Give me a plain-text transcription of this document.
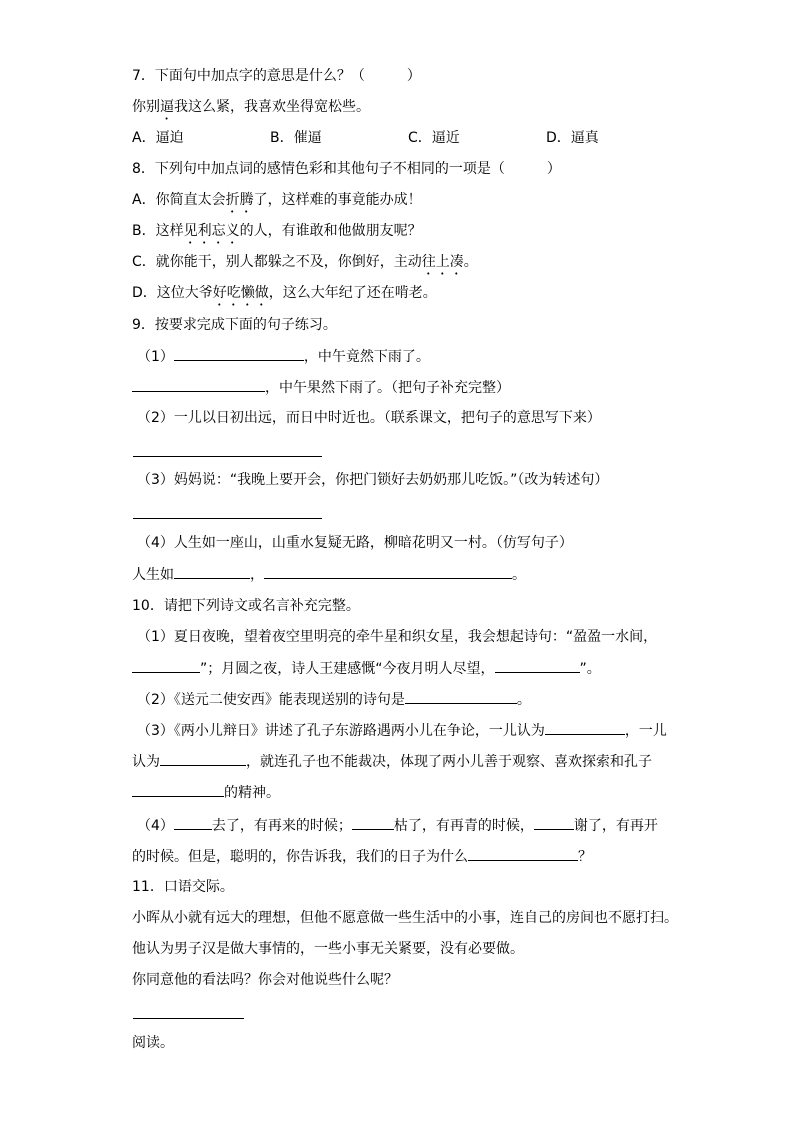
7．下面句中加点字的意思是什么？（　　　）
你别逼我这么紧，我喜欢坐得宽松些。
A．逼迫	B．催逼	C．逼近	D．逼真
8．下列句中加点词的感情色彩和其他句子不相同的一项是（　　　）
A．你简直太会折腾了，这样难的事竟能办成！
B．这样见利忘义的人，有谁敢和他做朋友呢？
C．就你能干，别人都躲之不及，你倒好，主动往上凑。
D．这位大爷好吃懒做，这么大年纪了还在啃老。
9．按要求完成下面的句子练习。
（1）	，中午竟然下雨了。
，中午果然下雨了。（把句子补充完整）
（2）一儿以日初出远，而日中时近也。（联系课文，把句子的意思写下来）
（3）妈妈说：“我晚上要开会，你把门锁好去奶奶那儿吃饭。”（改为转述句）
（4）人生如一座山，山重水复疑无路，柳暗花明又一村。（仿写句子）
人生如	，	。
10．请把下列诗文或名言补充完整。
（1）夏日夜晚，望着夜空里明亮的牵牛星和织女星，我会想起诗句：“盈盈一水间，
”；月圆之夜，诗人王建感慨“今夜月明人尽望，	”。
（2）《送元二使安西》能表现送别的诗句是	。
（3）《两小儿辩日》讲述了孔子东游路遇两小儿在争论，一儿认为	，一儿
认为	，就连孔子也不能裁决，体现了两小儿善于观察、喜欢探索和孔子
的精神。
（4）	去了，有再来的时候；	枯了，有再青的时候，	谢了，有再开
的时候。但是，聪明的，你告诉我，我们的日子为什么	？
11．口语交际。
小晖从小就有远大的理想，但他不愿意做一些生活中的小事，连自己的房间也不愿打扫。
他认为男子汉是做大事情的，一些小事无关紧要，没有必要做。
你同意他的看法吗？你会对他说些什么呢？
阅读。
